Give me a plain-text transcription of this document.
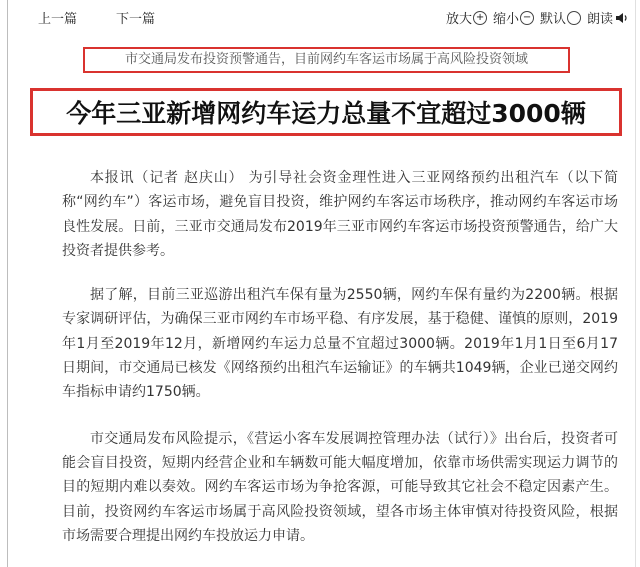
上一篇	下一篇	放大 + 缩小 − 默认 朗读
市交通局发布投资预警通告，目前网约车客运市场属于高风险投资领域
今年三亚新增网约车运力总量不宜超过3000辆

本报讯（记者 赵庆山） 为引导社会资金理性进入三亚网络预约出租汽车（以下简称“网约车”）客运市场，避免盲目投资，维护网约车客运市场秩序，推动网约车客运市场良性发展。日前，三亚市交通局发布2019年三亚市网约车客运市场投资预警通告，给广大投资者提供参考。

据了解，目前三亚巡游出租汽车保有量为2550辆，网约车保有量约为2200辆。根据专家调研评估，为确保三亚市网约车市场平稳、有序发展，基于稳健、谨慎的原则，2019年1月至2019年12月，新增网约车运力总量不宜超过3000辆。2019年1月1日至6月17日期间，市交通局已核发《网络预约出租汽车运输证》的车辆共1049辆，企业已递交网约车指标申请约1750辆。

市交通局发布风险提示，《营运小客车发展调控管理办法（试行）》出台后，投资者可能会盲目投资，短期内经营企业和车辆数可能大幅度增加，依靠市场供需实现运力调节的目的短期内难以奏效。网约车客运市场为争抢客源，可能导致其它社会不稳定因素产生。目前，投资网约车客运市场属于高风险投资领域，望各市场主体审慎对待投资风险，根据市场需要合理提出网约车投放运力申请。
